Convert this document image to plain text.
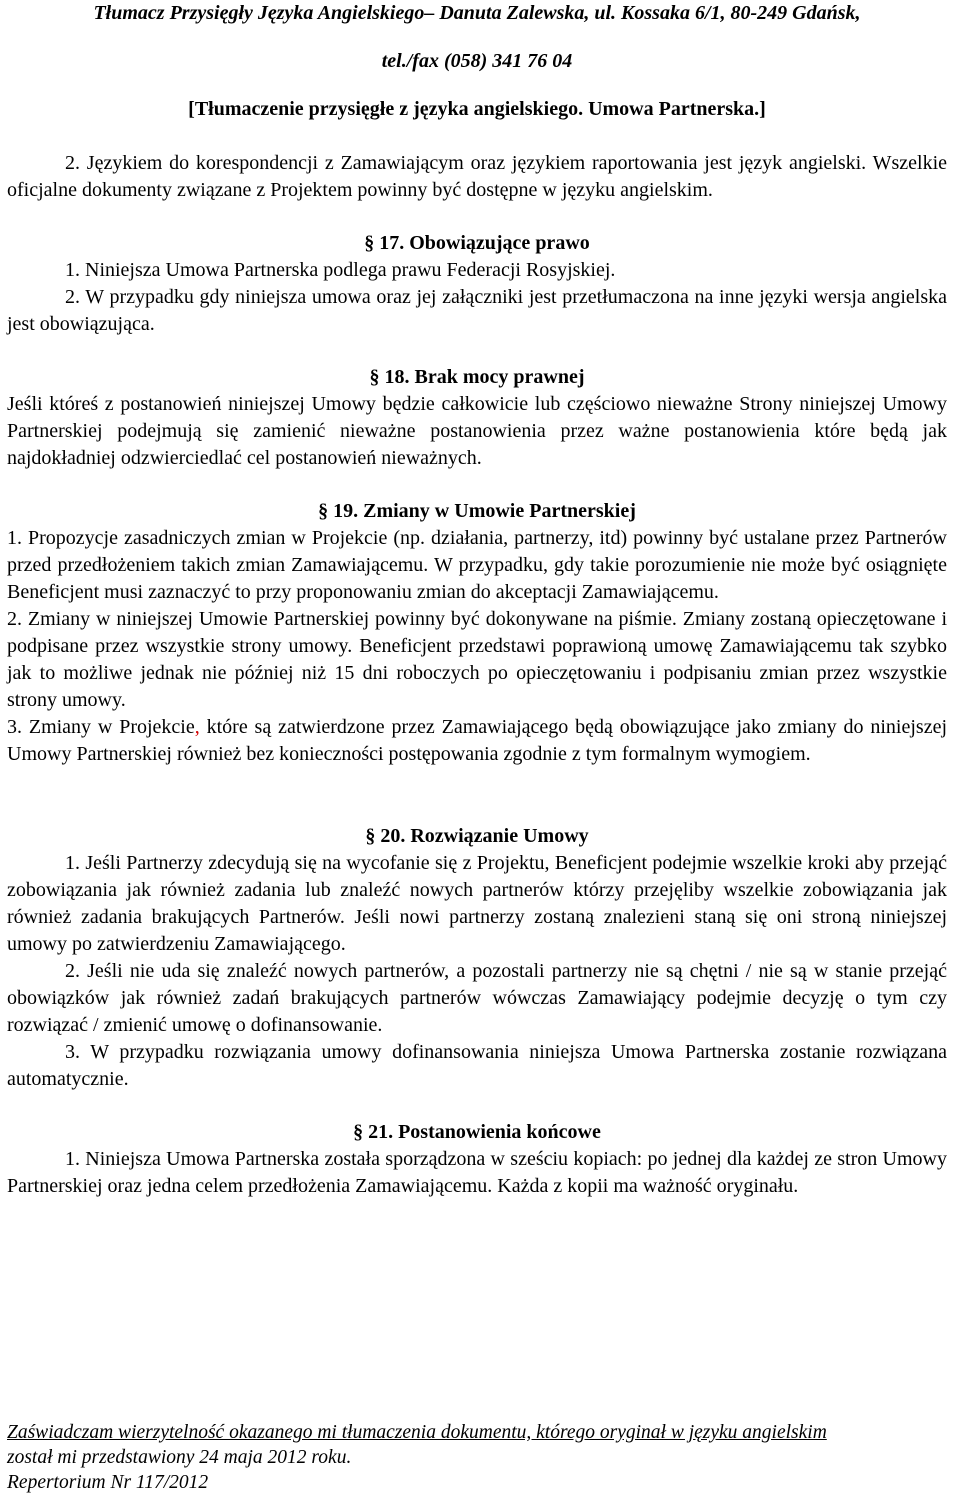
Tłumacz Przysięgły Języka Angielskiego– Danuta Zalewska, ul. Kossaka 6/1, 80-249 Gdańsk,
tel./fax (058) 341 76 04
[Tłumaczenie przysięgłe z języka angielskiego. Umowa Partnerska.]

2. Językiem do korespondencji z Zamawiającym oraz językiem raportowania jest język angielski. Wszelkie oficjalne dokumenty związane z Projektem powinny być dostępne w języku angielskim.

§ 17. Obowiązujące prawo

1. Niniejsza Umowa Partnerska podlega prawu Federacji Rosyjskiej.

2. W przypadku gdy niniejsza umowa oraz jej załączniki jest przetłumaczona na inne języki wersja angielska jest obowiązująca.

§ 18. Brak mocy prawnej

Jeśli któreś z postanowień niniejszej Umowy będzie całkowicie lub częściowo nieważne Strony niniejszej Umowy Partnerskiej podejmują się zamienić nieważne postanowienia przez ważne postanowienia które będą jak najdokładniej odzwierciedlać cel postanowień nieważnych.

§ 19. Zmiany w Umowie Partnerskiej

1. Propozycje zasadniczych zmian w Projekcie (np. działania, partnerzy, itd) powinny być ustalane przez Partnerów przed przedłożeniem takich zmian Zamawiającemu. W przypadku, gdy takie porozumienie nie może być osiągnięte Beneficjent musi zaznaczyć to przy proponowaniu zmian do akceptacji Zamawiającemu.

2. Zmiany w niniejszej Umowie Partnerskiej powinny być dokonywane na piśmie. Zmiany zostaną opieczętowane i podpisane przez wszystkie strony umowy. Beneficjent przedstawi poprawioną umowę Zamawiającemu tak szybko jak to możliwe jednak nie później niż 15 dni roboczych po opieczętowaniu i podpisaniu zmian przez wszystkie strony umowy.

3. Zmiany w Projekcie, które są zatwierdzone przez Zamawiającego będą obowiązujące jako zmiany do niniejszej Umowy Partnerskiej również bez konieczności postępowania zgodnie z tym formalnym wymogiem.

§ 20. Rozwiązanie Umowy

1. Jeśli Partnerzy zdecydują się na wycofanie się z Projektu, Beneficjent podejmie wszelkie kroki aby przejąć zobowiązania jak również zadania lub znaleźć nowych partnerów którzy przejęliby wszelkie zobowiązania jak również zadania brakujących Partnerów. Jeśli nowi partnerzy zostaną znalezieni staną się oni stroną niniejszej umowy po zatwierdzeniu Zamawiającego.

2. Jeśli nie uda się znaleźć nowych partnerów, a pozostali partnerzy nie są chętni / nie są w stanie przejąć obowiązków jak również zadań brakujących partnerów wówczas Zamawiający podejmie decyzję o tym czy rozwiązać / zmienić umowę o dofinansowanie.

3. W przypadku rozwiązania umowy dofinansowania niniejsza Umowa Partnerska zostanie rozwiązana automatycznie.

§ 21. Postanowienia końcowe

1. Niniejsza Umowa Partnerska została sporządzona w sześciu kopiach: po jednej dla każdej ze stron Umowy Partnerskiej oraz jedna celem przedłożenia Zamawiającemu. Każda z kopii ma ważność oryginału.

Zaświadczam wierzytelność okazanego mi tłumaczenia dokumentu, którego oryginał w języku angielskim
został mi przedstawiony 24 maja 2012 roku.
Repertorium Nr 117/2012
